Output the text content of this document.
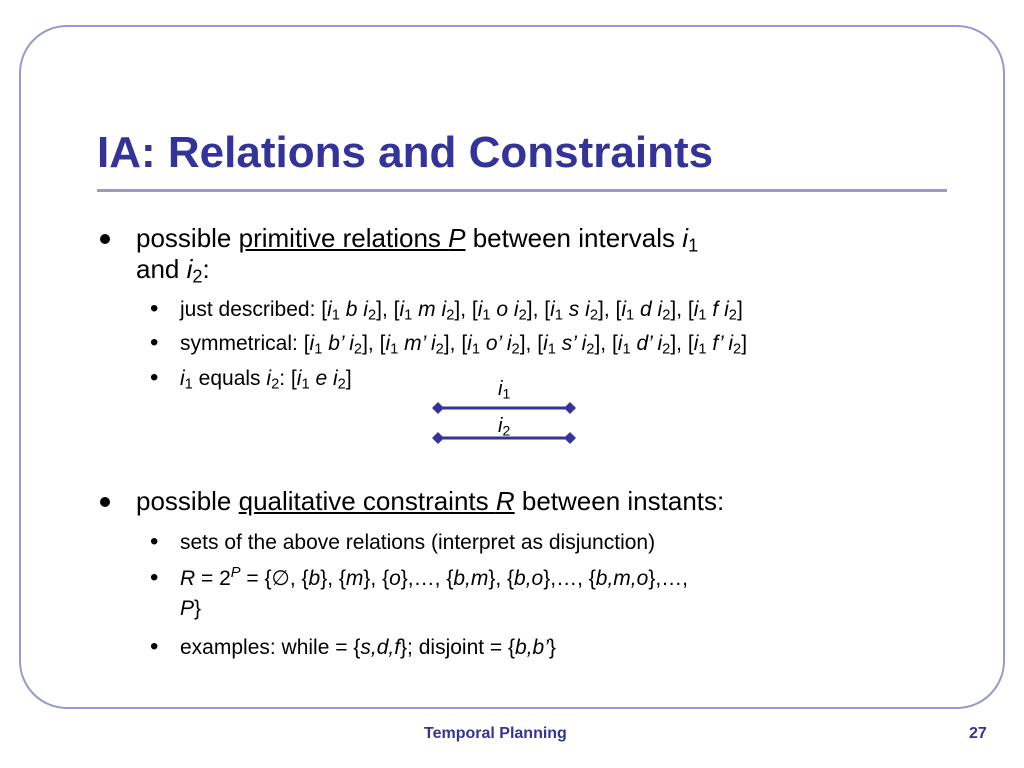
IA: Relations and Constraints
possible primitive relations P between intervals $i_1$
and $i_2$:
• just described: [$i_1$ b $i_2$], [$i_1$ m $i_2$], [$i_1$ o $i_2$], [$i_1$ s $i_2$], [$i_1$ d $i_2$], [$i_1$ f $i_2$]
• symmetrical: [$i_1$ b’ $i_2$], [$i_1$ m’ $i_2$], [$i_1$ o’ $i_2$], [$i_1$ s’ $i_2$], [$i_1$ d’ $i_2$], [$i_1$ f’ $i_2$]
• $i_1$ equals $i_2$: [$i_1$ e $i_2$]	$i_1$
$i_2$
possible qualitative constraints R between instants:
• sets of the above relations (interpret as disjunction)
• $R = 2^P$ = {∅, {b}, {m}, {o},…, {b,m}, {b,o},…, {b,m,o},…,
P}
• examples: while = {s,d,f}; disjoint = {b,b’}
Temporal Planning	27
